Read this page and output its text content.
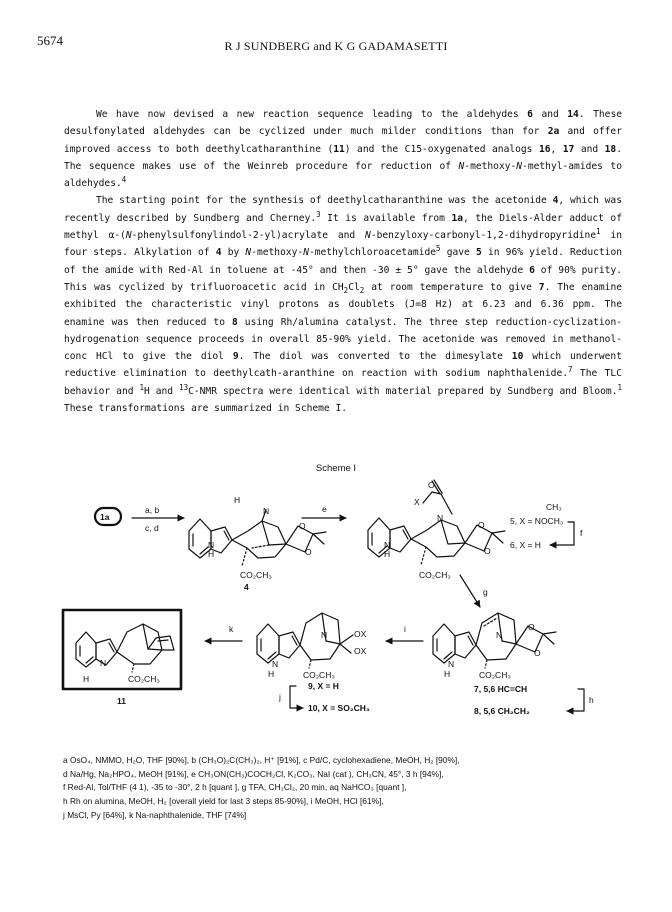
5674	R J SUNDBERG and K G GADAMASETTI

We have now devised a new reaction sequence leading to the aldehydes 6 and 14. These desulfonylated aldehydes can be cyclized under much milder conditions than for 2a and offer improved access to both deethylcatharanthine (11) and the C15-oxygenated analogs 16, 17 and 18. The sequence makes use of the Weinreb procedure for reduction of N-methoxy-N-methyl-amides to aldehydes.$^4$

The starting point for the synthesis of deethylcatharanthine was the acetonide 4, which was recently described by Sundberg and Cherney.$^3$ It is available from 1a, the Diels-Alder adduct of methyl α-(N-phenylsulfonylindol-2-yl)acrylate and N-benzyloxy-carbonyl-1,2-dihydropyridine$^1$ in four steps. Alkylation of 4 by N-methoxy-N-methylchloroacetamide$^5$ gave 5 in 96% yield. Reduction of the amide with Red-Al in toluene at -45° and then -30 ± 5° gave the aldehyde 6 of 90% purity. This was cyclized by trifluoroacetic acid in $CH_2Cl_2$ at room temperature to give 7. The enamine exhibited the characteristic vinyl protons as doublets (J=8 Hz) at 6.23 and 6.36 ppm. The enamine was then reduced to 8 using Rh/alumina catalyst. The three step reduction-cyclization-hydrogenation sequence proceeds in overall 85-90% yield. The acetonide was removed in methanol-conc HCl to give the diol 9. The diol was converted to the dimesylate 10 which underwent reductive elimination to deethylcath-aranthine on reaction with sodium naphthalenide.$^7$ The TLC behavior and $^1$H and $^{13}$C-NMR spectra were identical with material prepared by Sundberg and Bloom.$^1$ These transformations are summarized in Scheme I.

Scheme I
1a
a, b
c, d
H
N
N
H
O
O
CO₂CH₃
4
e
O
X
N
N
H
O
O
CO₂CH₃
CH₃
5, X = NOCH₃
6, X = H
f
g
N
H	CO₂CH₃
11
k
N
N
H
OX
OX
CO₂CH₃
9, X = H
10, X = SO₂CH₃
j
i
N
N
H
O
O
CO₂CH₃
7, 5,6 HC=CH
8, 5,6 CH₂CH₂
h
a OsO₄, NMMO, H₂O, THF [90%], b (CH₃O)₂C(CH₃)₂, H⁺ [91%], c Pd/C, cyclohexadiene, MeOH, H₂ [90%],
d Na/Hg, Na₂HPO₄, MeOH [91%], e CH₃ON(CH₃)COCH₂Cl, K₂CO₃, NaI (cat ), CH₃CN, 45°, 3 h [94%],
f Red-Al, Tol/THF (4 1), -35 to -30°, 2 h [quant ], g TFA, CH₂Cl₂, 20 min, aq NaHCO₃ [quant ],
h Rh on alumina, MeOH, H₂ [overall yield for last 3 steps 85-90%], i MeOH, HCl [61%],
j MsCl, Py [64%], k Na-naphthalenide, THF [74%]
